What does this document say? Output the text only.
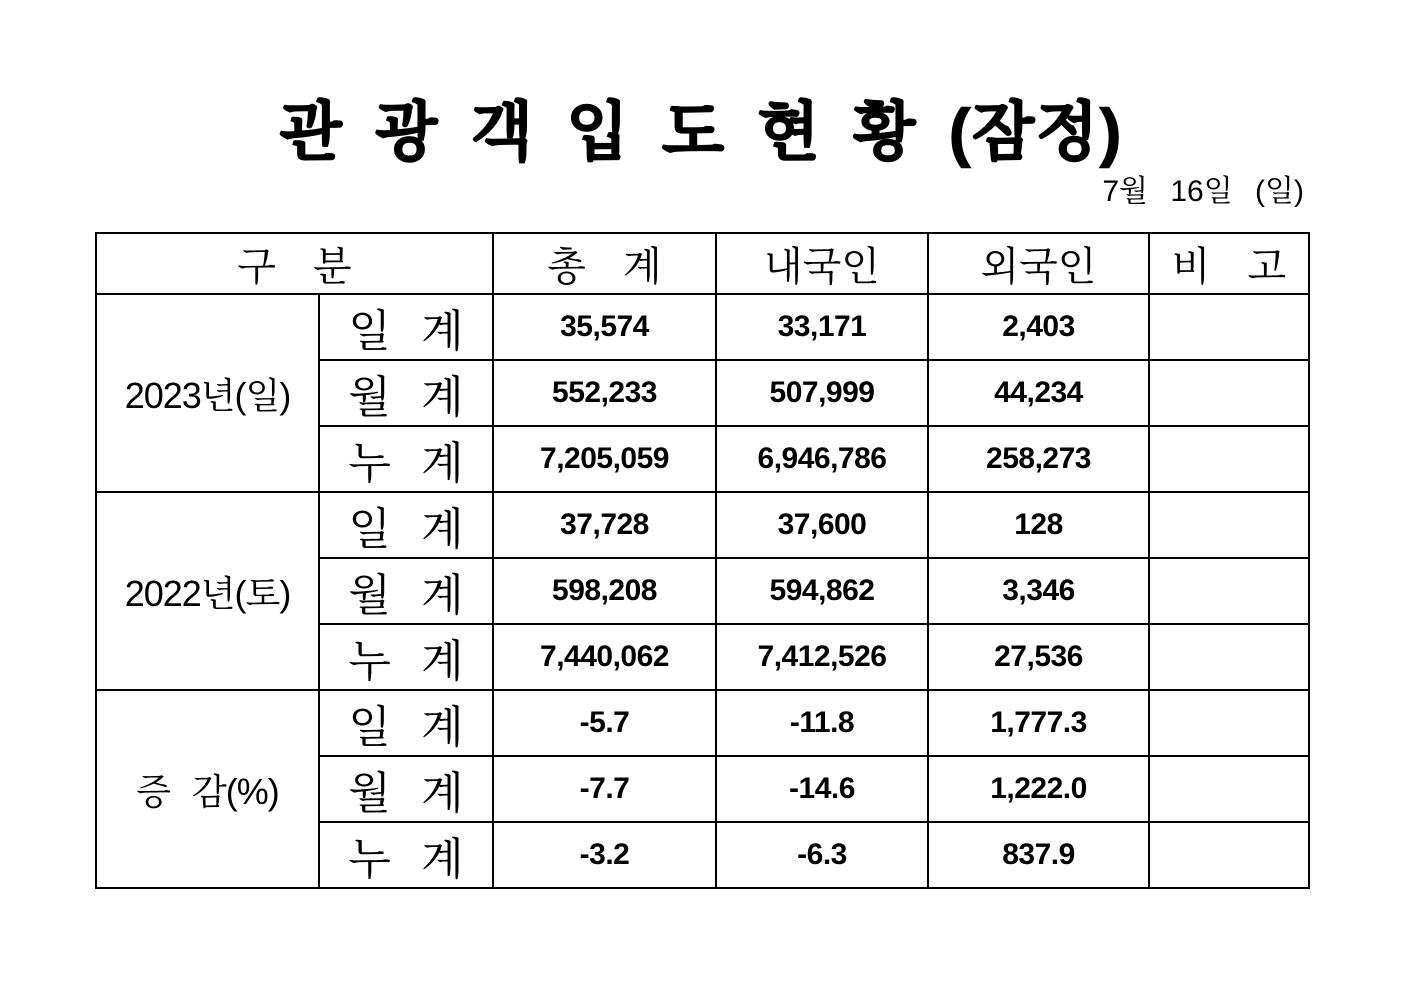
관 광 객 입 도 현 황 (잠정)
7월 16일 (일)
구 분		총 계	내국인	외국인	비 고
2023년(일)	일 계	35,574	33,171	2,403	
	월 계	552,233	507,999	44,234	
	누 계	7,205,059	6,946,786	258,273	
2022년(토)	일 계	37,728	37,600	128	
	월 계	598,208	594,862	3,346	
	누 계	7,440,062	7,412,526	27,536	
증 감(%)	일 계	-5.7	-11.8	1,777.3	
	월 계	-7.7	-14.6	1,222.0	
	누 계	-3.2	-6.3	837.9	
